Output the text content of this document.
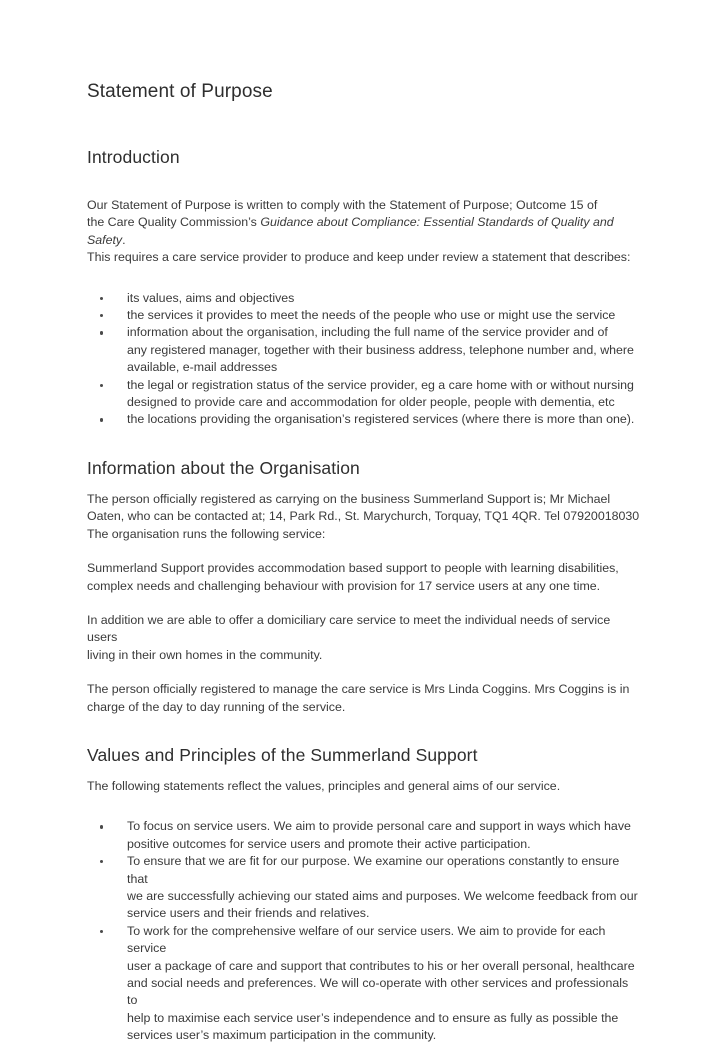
Statement of Purpose
Introduction

Our Statement of Purpose is written to comply with the Statement of Purpose; Outcome 15 of
the Care Quality Commission’s Guidance about Compliance: Essential Standards of Quality and
Safety.
This requires a care service provider to produce and keep under review a statement that describes:

its values, aims and objectives
the services it provides to meet the needs of the people who use or might use the service
information about the organisation, including the full name of the service provider and of
any registered manager, together with their business address, telephone number and, where
available, e-mail addresses
the legal or registration status of the service provider, eg a care home with or without nursing
designed to provide care and accommodation for older people, people with dementia, etc
the locations providing the organisation’s registered services (where there is more than one).
Information about the Organisation

The person officially registered as carrying on the business Summerland Support is; Mr Michael
Oaten, who can be contacted at; 14, Park Rd., St. Marychurch, Torquay, TQ1 4QR. Tel 07920018030
The organisation runs the following service:

Summerland Support provides accommodation based support to people with learning disabilities,
complex needs and challenging behaviour with provision for 17 service users at any one time.

In addition we are able to offer a domiciliary care service to meet the individual needs of service users
living in their own homes in the community.

The person officially registered to manage the care service is Mrs Linda Coggins. Mrs Coggins is in
charge of the day to day running of the service.

Values and Principles of the Summerland Support

The following statements reflect the values, principles and general aims of our service.

To focus on service users. We aim to provide personal care and support in ways which have
positive outcomes for service users and promote their active participation.
To ensure that we are fit for our purpose. We examine our operations constantly to ensure that
we are successfully achieving our stated aims and purposes. We welcome feedback from our
service users and their friends and relatives.
To work for the comprehensive welfare of our service users. We aim to provide for each service
user a package of care and support that contributes to his or her overall personal, healthcare
and social needs and preferences. We will co-operate with other services and professionals to
help to maximise each service user’s independence and to ensure as fully as possible the
services user’s maximum participation in the community.
